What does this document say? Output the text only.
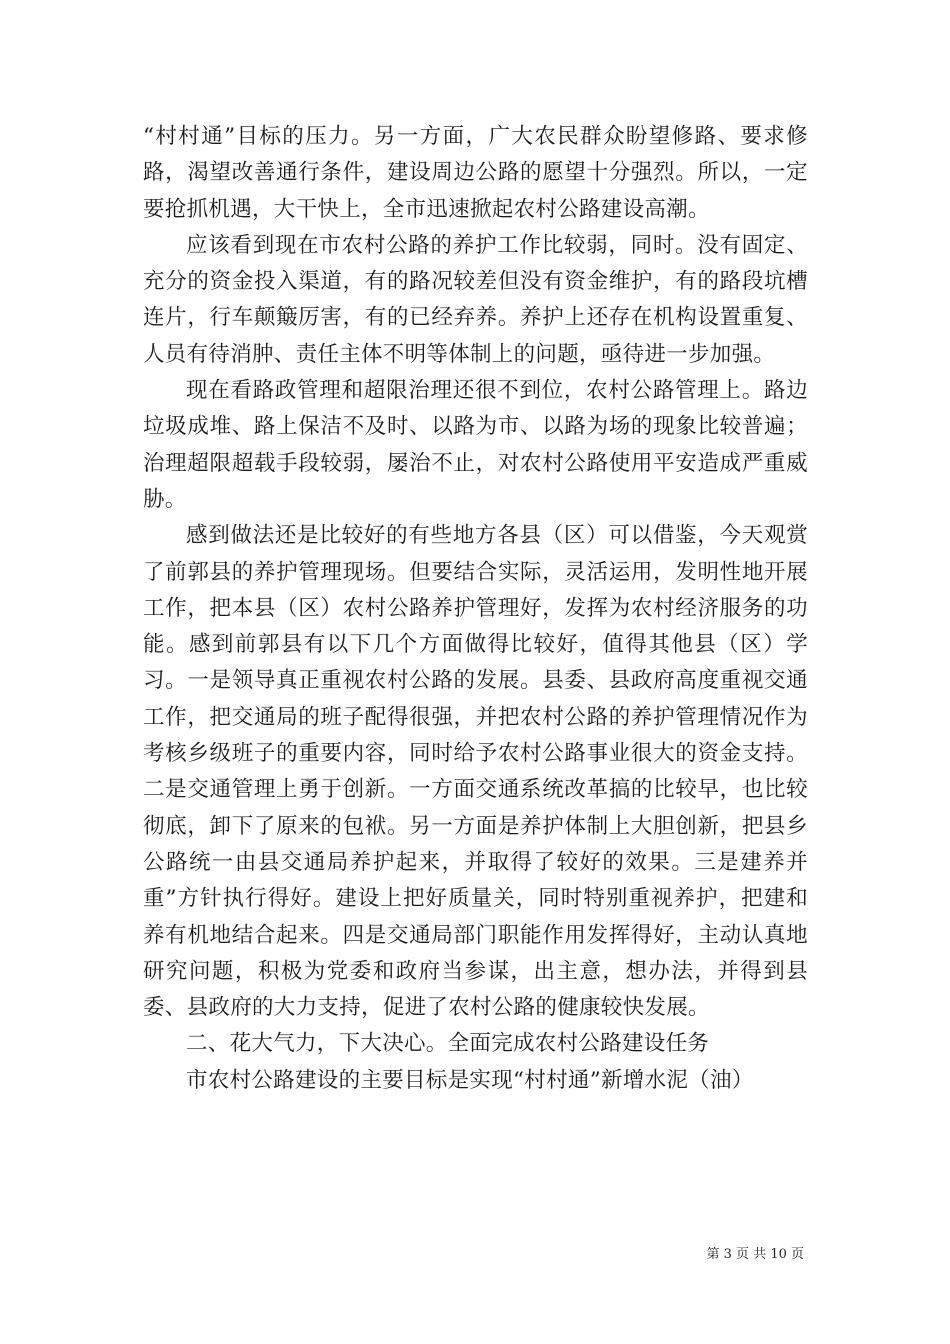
“村村通”目标的压力。另一方面，广大农民群众盼望修路、要求修路，渴望改善通行条件，建设周边公路的愿望十分强烈。所以，一定要抢抓机遇，大干快上，全市迅速掀起农村公路建设高潮。

应该看到现在市农村公路的养护工作比较弱，同时。没有固定、充分的资金投入渠道，有的路况较差但没有资金维护，有的路段坑槽连片，行车颠簸厉害，有的已经弃养。养护上还存在机构设置重复、人员有待消肿、责任主体不明等体制上的问题，亟待进一步加强。

现在看路政管理和超限治理还很不到位，农村公路管理上。路边垃圾成堆、路上保洁不及时、以路为市、以路为场的现象比较普遍；治理超限超载手段较弱，屡治不止，对农村公路使用平安造成严重威胁。

感到做法还是比较好的有些地方各县（区）可以借鉴，今天观赏了前郭县的养护管理现场。但要结合实际，灵活运用，发明性地开展工作，把本县（区）农村公路养护管理好，发挥为农村经济服务的功能。感到前郭县有以下几个方面做得比较好，值得其他县（区）学习。一是领导真正重视农村公路的发展。县委、县政府高度重视交通工作，把交通局的班子配得很强，并把农村公路的养护管理情况作为考核乡级班子的重要内容，同时给予农村公路事业很大的资金支持。二是交通管理上勇于创新。一方面交通系统改革搞的比较早，也比较彻底，卸下了原来的包袱。另一方面是养护体制上大胆创新，把县乡公路统一由县交通局养护起来，并取得了较好的效果。三是建养并重”方针执行得好。建设上把好质量关，同时特别重视养护，把建和养有机地结合起来。四是交通局部门职能作用发挥得好，主动认真地研究问题，积极为党委和政府当参谋，出主意，想办法，并得到县委、县政府的大力支持，促进了农村公路的健康较快发展。

二、花大气力，下大决心。全面完成农村公路建设任务

市农村公路建设的主要目标是实现“村村通”新增水泥（油）

第 3 页 共 10 页
